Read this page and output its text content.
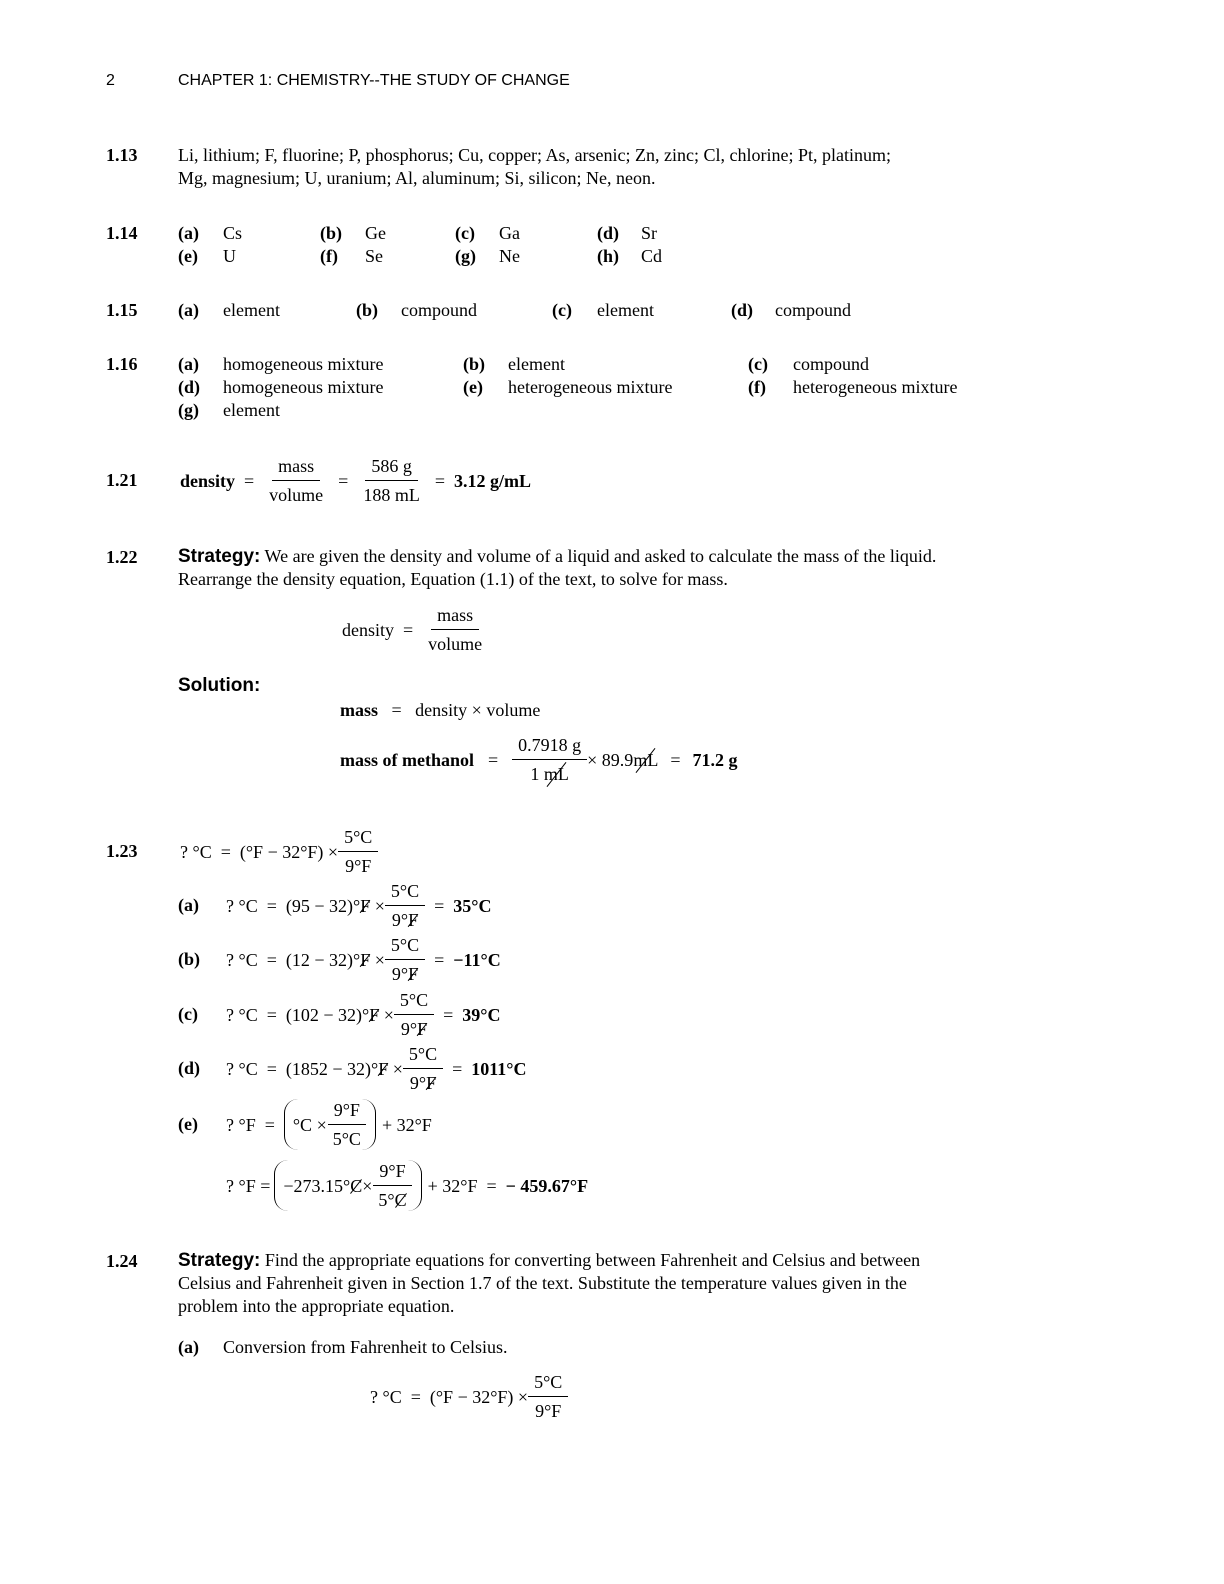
2	CHAPTER 1: CHEMISTRY--THE STUDY OF CHANGE
1.13 Li, lithium; F, fluorine; P, phosphorus; Cu, copper; As, arsenic; Zn, zinc; Cl, chlorine; Pt, platinum;
Mg, magnesium; U, uranium; Al, aluminum; Si, silicon; Ne, neon.
1.14 (a) Cs	(b) Ge	(c) Ga	(d) Sr
(e) U	(f) Se	(g) Ne	(h) Cd
1.15 (a) element	(b) compound	(c) element	(d) compound
1.16 (a) homogeneous mixture	(b) element	(c) compound
(d) homogeneous mixture	(e) heterogeneous mixture	(f) heterogeneous mixture
(g) element
1.21 density = $\frac{\text{mass}}{\text{volume}} = \frac{586 g}{188 mL} = 3.12$ g/mL
1.22 Strategy: We are given the density and volume of a liquid and asked to calculate the mass of the liquid.
Rearrange the density equation, Equation (1.1) of the text, to solve for mass.
density = $\frac{\text{mass}}{\text{volume}}$
Solution:
mass = density × volume
mass of methanol = $\frac{0.7918 g}{1 mL} \times 89.9$ mL = 71.2 g
1.23 ? $^\circ C = (^\circ F - 32^\circ F) \times \frac{5^\circ C}{9^\circ F}$
(a) ? °C = (95 − 32)° $F \times \frac{5^\circ C}{9^\circ F} = 35^\circ C$
(b) ? °C = (12 − 32)° $F \times \frac{5^\circ C}{9^\circ F} = -11^\circ C$
(c) ? °C = (102 − 32)° $F \times \frac{5^\circ C}{9^\circ F} = 39^\circ C$
(d) ? °C = (1852 − 32)° $F \times \frac{5^\circ C}{9^\circ F} = 1011^\circ C$
(e) ? °F =	$^\circ C \times \frac{9^\circ F}{5^\circ C} + 32^\circ F$
? °F = −273.15° $C \times \frac{9^\circ F}{5^\circ C} + 32^\circ F$ = − 459.67°F
1.24 Strategy: Find the appropriate equations for converting between Fahrenheit and Celsius and between
Celsius and Fahrenheit given in Section 1.7 of the text. Substitute the temperature values given in the
problem into the appropriate equation.
(a) Conversion from Fahrenheit to Celsius.
? $^\circ C = (^\circ F - 32^\circ F) \times \frac{5^\circ C}{9^\circ F}$
